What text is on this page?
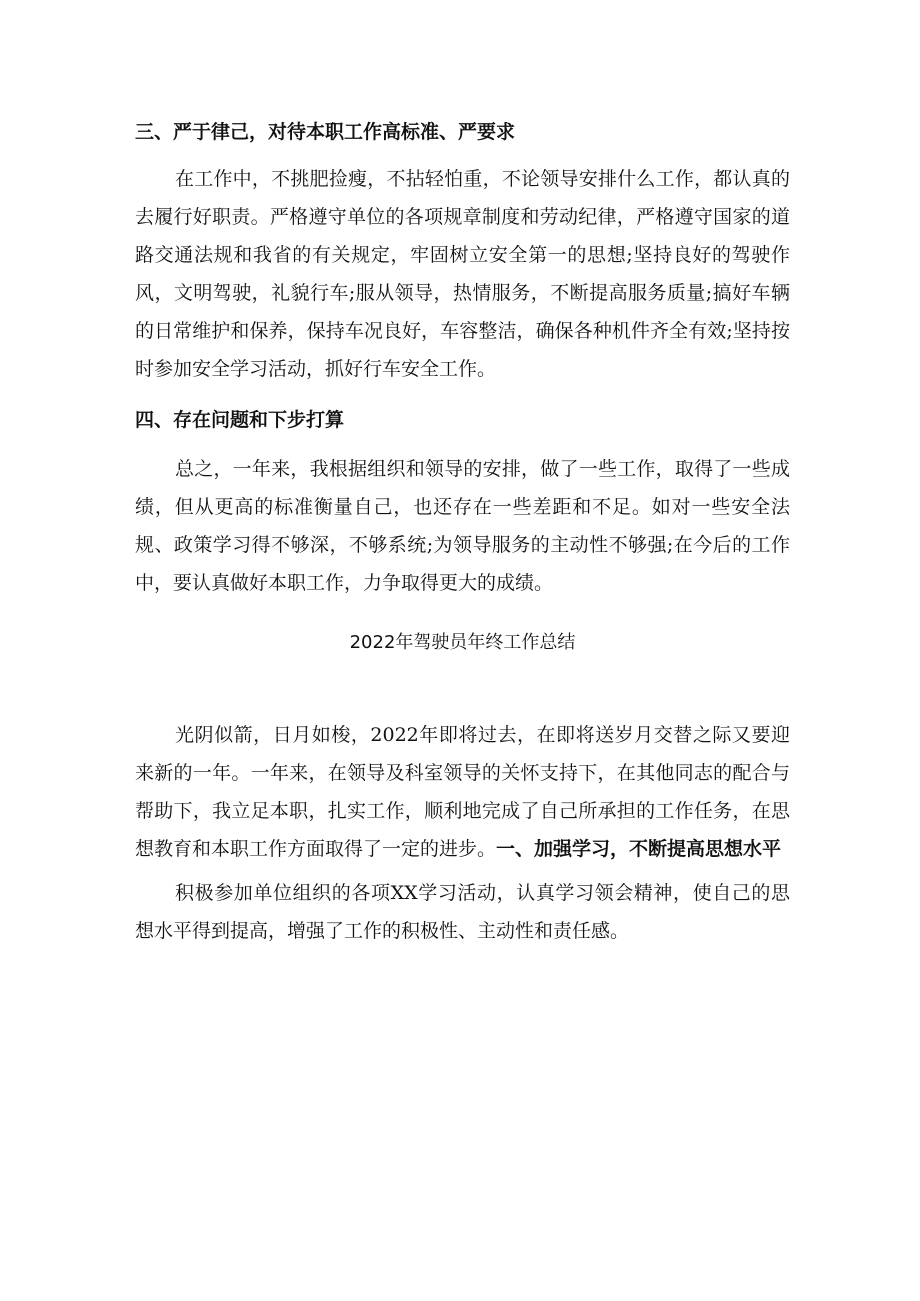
三、严于律己，对待本职工作高标准、严要求

在工作中，不挑肥捡瘦，不拈轻怕重，不论领导安排什么工作，都认真的去履行好职责。严格遵守单位的各项规章制度和劳动纪律，严格遵守国家的道路交通法规和我省的有关规定，牢固树立安全第一的思想;坚持良好的驾驶作风，文明驾驶，礼貌行车;服从领导，热情服务，不断提高服务质量;搞好车辆的日常维护和保养，保持车况良好，车容整洁，确保各种机件齐全有效;坚持按时参加安全学习活动，抓好行车安全工作。

四、存在问题和下步打算

总之，一年来，我根据组织和领导的安排，做了一些工作，取得了一些成绩，但从更高的标准衡量自己，也还存在一些差距和不足。如对一些安全法规、政策学习得不够深，不够系统;为领导服务的主动性不够强;在今后的工作中，要认真做好本职工作，力争取得更大的成绩。

2022年驾驶员年终工作总结

光阴似箭，日月如梭，2022年即将过去，在即将送岁月交替之际又要迎来新的一年。一年来，在领导及科室领导的关怀支持下，在其他同志的配合与帮助下，我立足本职，扎实工作，顺利地完成了自己所承担的工作任务，在思想教育和本职工作方面取得了一定的进步。一、加强学习，不断提高思想水平

积极参加单位组织的各项XX学习活动，认真学习领会精神，使自己的思想水平得到提高，增强了工作的积极性、主动性和责任感。
